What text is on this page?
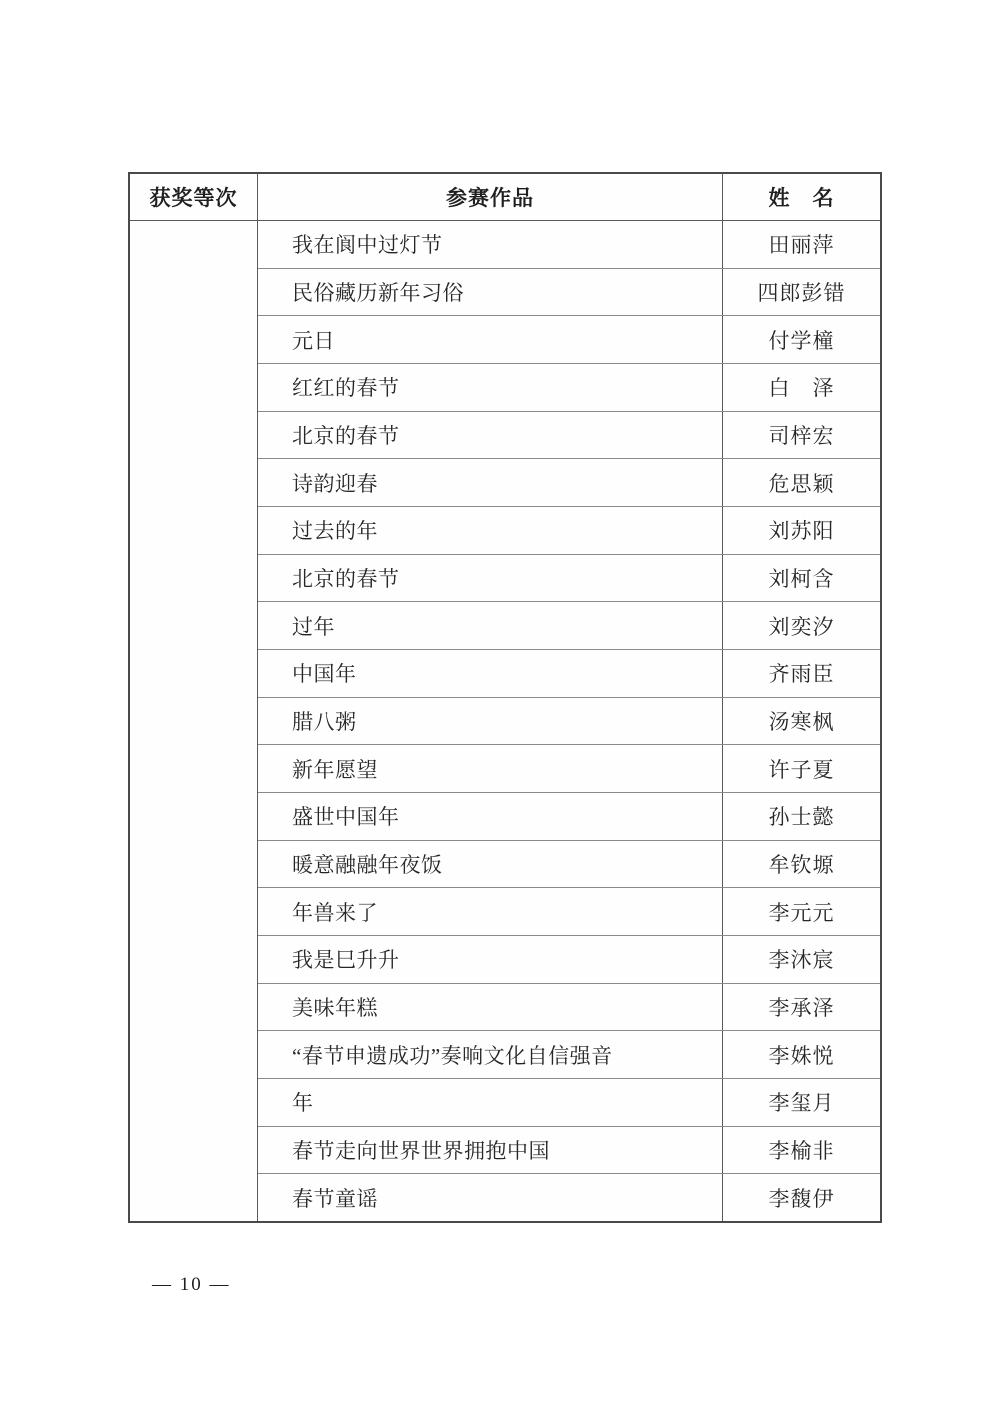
获奖等次	参赛作品	姓　名
我在阆中过灯节	田丽萍
民俗藏历新年习俗	四郎彭错
元日	付学橦
红红的春节	白　泽
北京的春节	司梓宏
诗韵迎春	危思颖
过去的年	刘苏阳
北京的春节	刘柯含
过年	刘奕汐
中国年	齐雨臣
腊八粥	汤寒枫
新年愿望	许子夏
盛世中国年	孙士懿
暖意融融年夜饭	牟钦塬
年兽来了	李元元
我是巳升升	李沐宸
美味年糕	李承泽
“春节申遗成功”奏响文化自信强音	李姝悦
年	李玺月
春节走向世界世界拥抱中国	李榆非
春节童谣	李馥伊
— 10 —
